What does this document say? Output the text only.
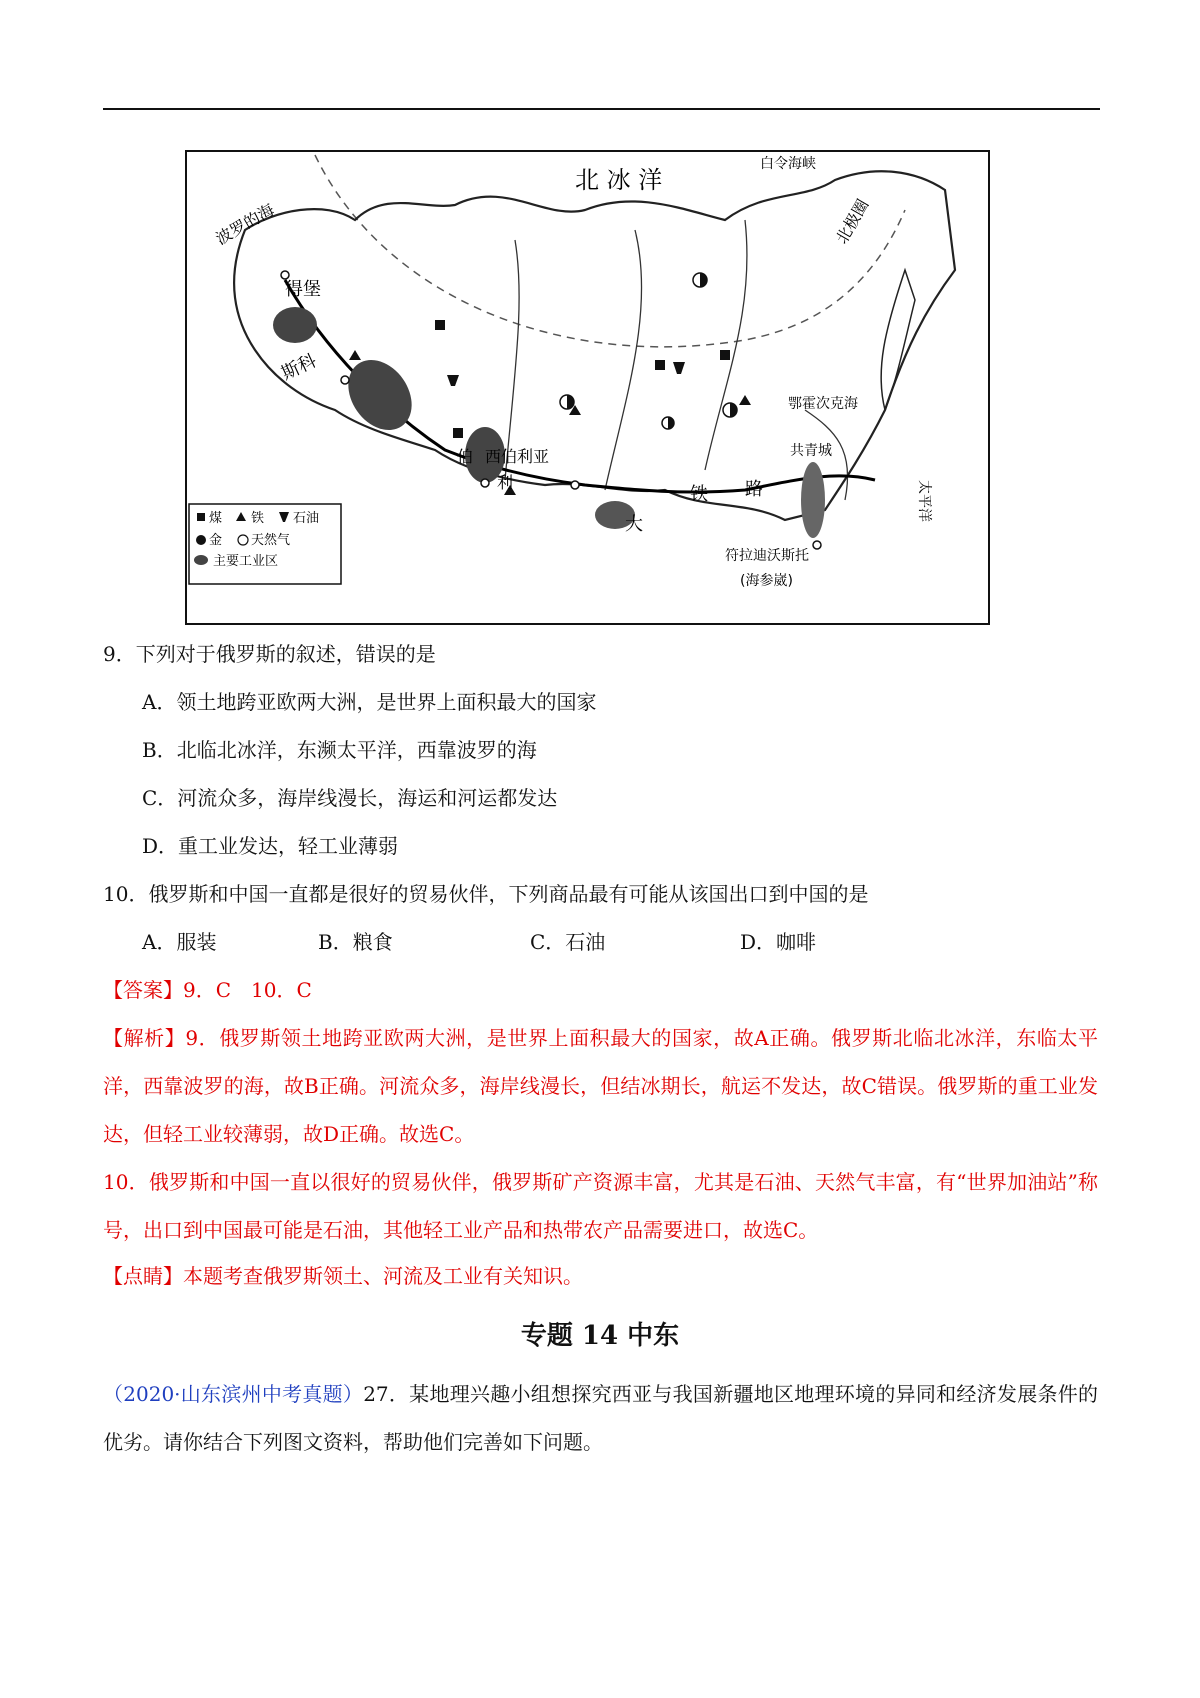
煤 铁 石油
金 天然气
主要工业区
北 冰 洋
白令海峡
北极圈
波罗的海
得堡
斯科
西伯利亚
伯
利
铁 路
大
共青城
鄂霍次克海
太平洋
符拉迪沃斯托
(海参崴)
9．下列对于俄罗斯的叙述，错误的是
A．领土地跨亚欧两大洲，是世界上面积最大的国家
B．北临北冰洋，东濒太平洋，西靠波罗的海
C．河流众多，海岸线漫长，海运和河运都发达
D．重工业发达，轻工业薄弱
10．俄罗斯和中国一直都是很好的贸易伙伴，下列商品最有可能从该国出口到中国的是
A．服装	B．粮食	C．石油	D．咖啡
【答案】9．C　10．C

【解析】9．俄罗斯领土地跨亚欧两大洲，是世界上面积最大的国家，故A正确。俄罗斯北临北冰洋，东临太平洋，西靠波罗的海，故B正确。河流众多，海岸线漫长，但结冰期长，航运不发达，故C错误。俄罗斯的重工业发达，但轻工业较薄弱，故D正确。故选C。

10．俄罗斯和中国一直以很好的贸易伙伴，俄罗斯矿产资源丰富，尤其是石油、天然气丰富，有“世界加油站”称号，出口到中国最可能是石油，其他轻工业产品和热带农产品需要进口，故选C。

【点睛】本题考查俄罗斯领土、河流及工业有关知识。
专题 14 中东

（2020·山东滨州中考真题）27．某地理兴趣小组想探究西亚与我国新疆地区地理环境的异同和经济发展条件的优劣。请你结合下列图文资料，帮助他们完善如下问题。
